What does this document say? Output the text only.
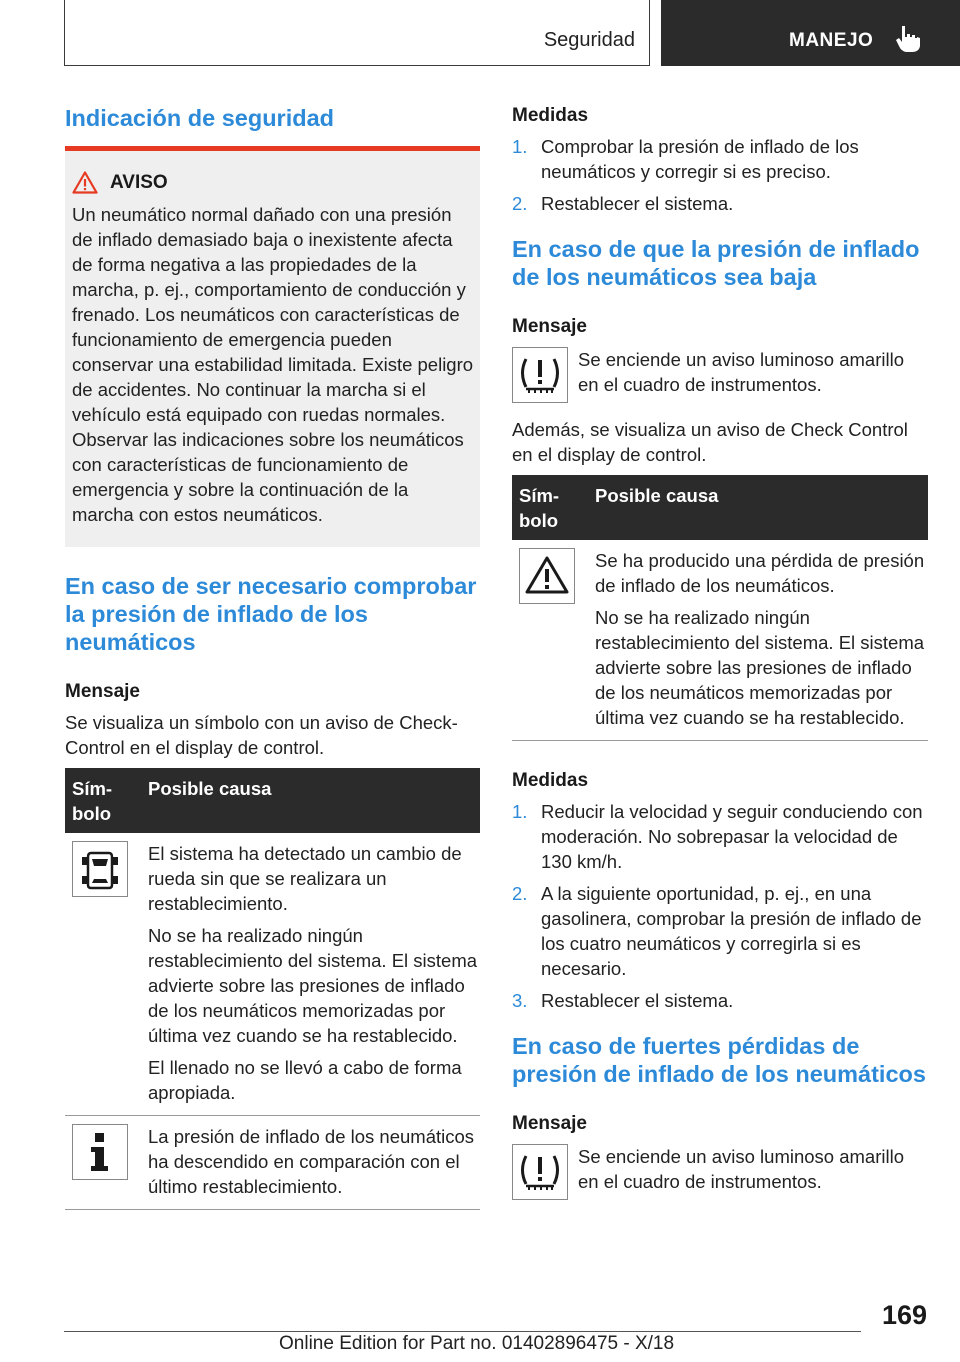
Seguridad	MANEJO
Indicación de seguridad
AVISO
Un neumático normal dañado con una presión de inflado demasiado baja o inexistente afecta de forma negativa a las propiedades de la marcha, p. ej., comportamiento de conducción y frenado. Los neumáticos con características de funcionamiento de emergencia pueden conservar una estabilidad limitada. Existe peligro de accidentes. No continuar la marcha si el vehículo está equipado con ruedas normales. Observar las indicaciones sobre los neumáticos con características de funcionamiento de emergencia y sobre la continuación de la marcha con estos neumáticos.
En caso de ser necesario comprobar la presión de inflado de los neumáticos
Mensaje
Se visualiza un símbolo con un aviso de Check-Control en el display de control.
Sím-bolo
Posible causa
El sistema ha detectado un cambio de rueda sin que se realizara un restablecimiento.
No se ha realizado ningún restablecimiento del sistema. El sistema advierte sobre las presiones de inflado de los neumáticos memorizadas por última vez cuando se ha restablecido.
El llenado no se llevó a cabo de forma apropiada.
La presión de inflado de los neumáticos ha descendido en comparación con el último restablecimiento.
Medidas
1. Comprobar la presión de inflado de los neumáticos y corregir si es preciso.
2. Restablecer el sistema.
En caso de que la presión de inflado de los neumáticos sea baja
Mensaje
Se enciende un aviso luminoso amarillo en el cuadro de instrumentos.
Además, se visualiza un aviso de Check Control en el display de control.
Sím-bolo
Posible causa
Se ha producido una pérdida de presión de inflado de los neumáticos.
No se ha realizado ningún restablecimiento del sistema. El sistema advierte sobre las presiones de inflado de los neumáticos memorizadas por última vez cuando se ha restablecido.
Medidas
1. Reducir la velocidad y seguir conduciendo con moderación. No sobrepasar la velocidad de 130 km/h.
2. A la siguiente oportunidad, p. ej., en una gasolinera, comprobar la presión de inflado de los cuatro neumáticos y corregirla si es necesario.
3. Restablecer el sistema.
En caso de fuertes pérdidas de presión de inflado de los neumáticos
Mensaje
Se enciende un aviso luminoso amarillo en el cuadro de instrumentos.
169
Online Edition for Part no. 01402896475 - X/18
